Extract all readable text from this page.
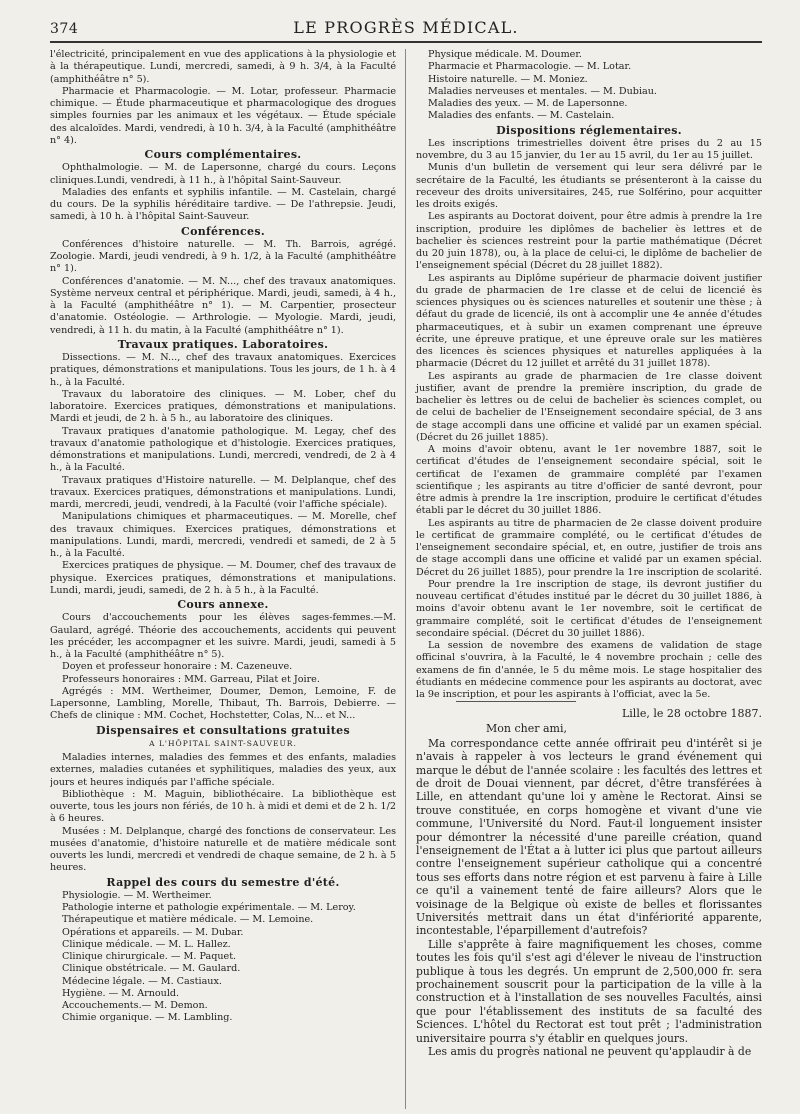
374	LE PROGRÈS MÉDICAL.

l'électricité, principalement en vue des applications à la physiologie et à la thérapeutique. Lundi, mercredi, samedi, à 9 h. 3/4, à la Faculté (amphithéâtre n° 5).

Pharmacie et Pharmacologie. — M. Lotar, professeur. Pharmacie chimique. — Étude pharmaceutique et pharmacologique des drogues simples fournies par les animaux et les végétaux. — Étude spéciale des alcaloïdes. Mardi, vendredi, à 10 h. 3/4, à la Faculté (amphithéâtre n° 4).

Cours complémentaires.

Ophthalmologie. — M. de Lapersonne, chargé du cours. Leçons cliniques.Lundi, vendredi, à 11 h., à l'hôpital Saint-Sauveur.

Maladies des enfants et syphilis infantile. — M. Castelain, chargé du cours. De la syphilis héréditaire tardive. — De l'athrepsie. Jeudi, samedi, à 10 h. à l'hôpital Saint-Sauveur.

Conférences.

Conférences d'histoire naturelle. — M. Th. Barrois, agrégé. Zoologie. Mardi, jeudi vendredi, à 9 h. 1/2, à la Faculté (amphithéâtre n° 1).

Conférences d'anatomie. — M. N..., chef des travaux anatomiques. Système nerveux central et périphérique. Mardi, jeudi, samedi, à 4 h., à la Faculté (amphithéâtre n° 1). — M. Carpentier, prosecteur d'anatomie. Ostéologie. — Arthrologie. — Myologie. Mardi, jeudi, vendredi, à 11 h. du matin, à la Faculté (amphithéâtre n° 1).

Travaux pratiques. Laboratoires.

Dissections. — M. N..., chef des travaux anatomiques. Exercices pratiques, démonstrations et manipulations. Tous les jours, de 1 h. à 4 h., à la Faculté.

Travaux du laboratoire des cliniques. — M. Lober, chef du laboratoire. Exercices pratiques, démonstrations et manipulations. Mardi et jeudi, de 2 h. à 5 h., au laboratoire des cliniques.

Travaux pratiques d'anatomie pathologique. M. Legay, chef des travaux d'anatomie pathologique et d'histologie. Exercices pratiques, démonstrations et manipulations. Lundi, mercredi, vendredi, de 2 à 4 h., à la Faculté.

Travaux pratiques d'Histoire naturelle. — M. Delplanque, chef des travaux. Exercices pratiques, démonstrations et manipulations. Lundi, mardi, mercredi, jeudi, vendredi, à la Faculté (voir l'affiche spéciale).

Manipulations chimiques et pharmaceutiques. — M. Morelle, chef des travaux chimiques. Exercices pratiques, démonstrations et manipulations. Lundi, mardi, mercredi, vendredi et samedi, de 2 à 5 h., à la Faculté.

Exercices pratiques de physique. — M. Doumer, chef des travaux de physique. Exercices pratiques, démonstrations et manipulations. Lundi, mardi, jeudi, samedi, de 2 h. à 5 h., à la Faculté.

Cours annexe.

Cours d'accouchements pour les élèves sages-femmes.—M. Gaulard, agrégé. Théorie des accouchements, accidents qui peuvent les précéder, les accompagner et les suivre. Mardi, jeudi, samedi à 5 h., à la Faculté (amphithéâtre n° 5).

Doyen et professeur honoraire : M. Cazeneuve.

Professeurs honoraires : MM. Garreau, Pilat et Joire.

Agrégés : MM. Wertheimer, Doumer, Demon, Lemoine, F. de Lapersonne, Lambling, Morelle, Thibaut, Th. Barrois, Debierre. — Chefs de clinique : MM. Cochet, Hochstetter, Colas, N... et N...

Dispensaires et consultations gratuites
A L'HÔPITAL SAINT-SAUVEUR.

Maladies internes, maladies des femmes et des enfants, maladies externes, maladies cutanées et syphilitiques, maladies des yeux, aux jours et heures indiqués par l'affiche spéciale.

Bibliothèque : M. Maguin, bibliothécaire. La bibliothèque est ouverte, tous les jours non fériés, de 10 h. à midi et demi et de 2 h. 1/2 à 6 heures.

Musées : M. Delplanque, chargé des fonctions de conservateur. Les musées d'anatomie, d'histoire naturelle et de matière médicale sont ouverts les lundi, mercredi et vendredi de chaque semaine, de 2 h. à 5 heures.

Rappel des cours du semestre d'été.

Physiologie. — M. Wertheimer.

Pathologie interne et pathologie expérimentale. — M. Leroy.

Thérapeutique et matière médicale. — M. Lemoine.

Opérations et appareils. — M. Dubar.

Clinique médicale. — M. L. Hallez.

Clinique chirurgicale. — M. Paquet.

Clinique obstétricale. — M. Gaulard.

Médecine légale. — M. Castiaux.

Hygiène. — M. Arnould.

Accouchements.— M. Demon.

Chimie organique. — M. Lambling.

Physique médicale. M. Doumer.

Pharmacie et Pharmacologie. — M. Lotar.

Histoire naturelle. — M. Moniez.

Maladies nerveuses et mentales. — M. Dubiau.

Maladies des yeux. — M. de Lapersonne.

Maladies des enfants. — M. Castelain.

Dispositions réglementaires.

Les inscriptions trimestrielles doivent être prises du 2 au 15 novembre, du 3 au 15 janvier, du 1er au 15 avril, du 1er au 15 juillet.

Munis d'un bulletin de versement qui leur sera délivré par le secrétaire de la Faculté, les étudiants se présenteront à la caisse du receveur des droits universitaires, 245, rue Solférino, pour acquitter les droits exigés.

Les aspirants au Doctorat doivent, pour être admis à prendre la 1re inscription, produire les diplômes de bachelier ès lettres et de bachelier ès sciences restreint pour la partie mathématique (Décret du 20 juin 1878), ou, à la place de celui-ci, le diplôme de bachelier de l'enseignement spécial (Décret du 28 juillet 1882).

Les aspirants au Diplôme supérieur de pharmacie doivent justifier du grade de pharmacien de 1re classe et de celui de licencié ès sciences physiques ou ès sciences naturelles et soutenir une thèse ; à défaut du grade de licencié, ils ont à accomplir une 4e année d'études pharmaceutiques, et à subir un examen comprenant une épreuve écrite, une épreuve pratique, et une épreuve orale sur les matières des licences ès sciences physiques et naturelles appliquées à la pharmacie (Décret du 12 juillet et arrêté du 31 juillet 1878).

Les aspirants au grade de pharmacien de 1re classe doivent justifier, avant de prendre la première inscription, du grade de bachelier ès lettres ou de celui de bachelier ès sciences complet, ou de celui de bachelier de l'Enseignement secondaire spécial, de 3 ans de stage accompli dans une officine et validé par un examen spécial. (Décret du 26 juillet 1885).

A moins d'avoir obtenu, avant le 1er novembre 1887, soit le certificat d'études de l'enseignement secondaire spécial, soit le certificat de l'examen de grammaire complété par l'examen scientifique ; les aspirants au titre d'officier de santé devront, pour être admis à prendre la 1re inscription, produire le certificat d'études établi par le décret du 30 juillet 1886.

Les aspirants au titre de pharmacien de 2e classe doivent produire le certificat de grammaire complété, ou le certificat d'études de l'enseignement secondaire spécial, et, en outre, justifier de trois ans de stage accompli dans une officine et validé par un examen spécial. Décret du 26 juillet 1885), pour prendre la 1re inscription de scolarité.

Pour prendre la 1re inscription de stage, ils devront justifier du nouveau certificat d'études institué par le décret du 30 juillet 1886, à moins d'avoir obtenu avant le 1er novembre, soit le certificat de grammaire complété, soit le certificat d'études de l'enseignement secondaire spécial. (Décret du 30 juillet 1886).

La session de novembre des examens de validation de stage officinal s'ouvrira, à la Faculté, le 4 novembre prochain ; celle des examens de fin d'année, le 5 du même mois. Le stage hospitalier des étudiants en médecine commence pour les aspirants au doctorat, avec la 9e inscription, et pour les aspirants à l'officiat, avec la 5e.

Lille, le 28 octobre 1887.
Mon cher ami,

Ma correspondance cette année offrirait peu d'intérêt si je n'avais à rappeler à vos lecteurs le grand événement qui marque le début de l'année scolaire : les facultés des lettres et de droit de Douai viennent, par décret, d'être transférées à Lille, en attendant qu'une loi y amène le Rectorat. Ainsi se trouve constituée, en corps homogène et vivant d'une vie commune, l'Université du Nord. Faut-il longuement insister pour démontrer la nécessité d'une pareille création, quand l'enseignement de l'État a à lutter ici plus que partout ailleurs contre l'enseignement supérieur catholique qui a concentré tous ses efforts dans notre région et est parvenu à faire à Lille ce qu'il a vainement tenté de faire ailleurs? Alors que le voisinage de la Belgique où existe de belles et florissantes Universités mettrait dans un état d'infériorité apparente, incontestable, l'éparpillement d'autrefois?

Lille s'apprête à faire magnifiquement les choses, comme toutes les fois qu'il s'est agi d'élever le niveau de l'instruction publique à tous les degrés. Un emprunt de 2,500,000 fr. sera prochainement souscrit pour la participation de la ville à la construction et à l'installation de ses nouvelles Facultés, ainsi que pour l'établissement des instituts de sa faculté des Sciences. L'hôtel du Rectorat est tout prêt ; l'administration universitaire pourra s'y établir en quelques jours.

Les amis du progrès national ne peuvent qu'applaudir à de
